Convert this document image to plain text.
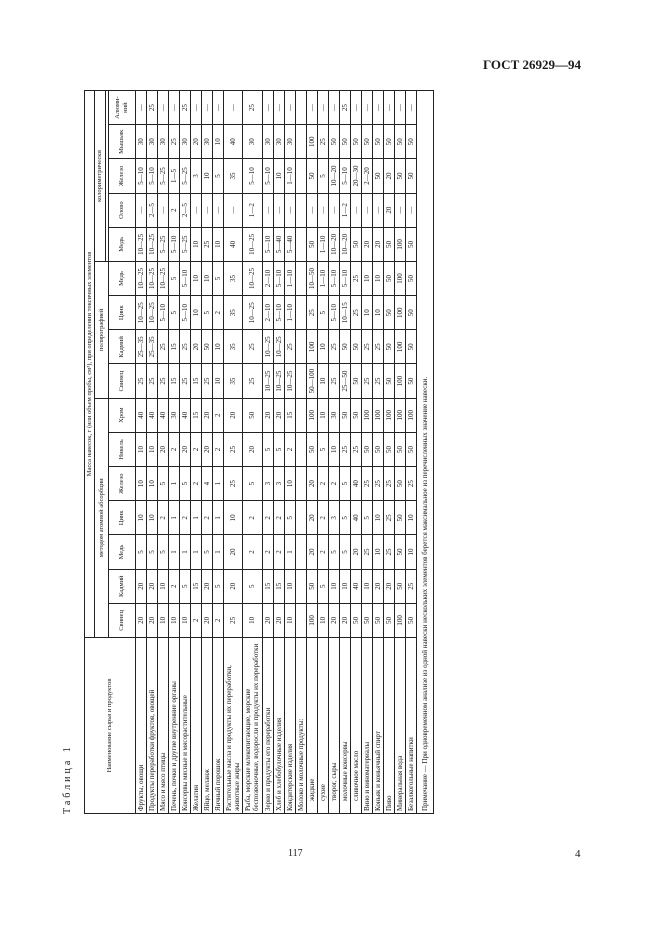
ГОСТ 26929—94
Таблица 1
Наименование сырья и продуктов	Масса навесок, г (или объем пробы, см³), при определении токсичных элементов															
	методом атомной абсорбции							полярографией				колориметрически				

	Свинец	Кадмий	Медь	Цинк	Железо	Никель	Хром	Свинец	Кадмий	Цинк	Медь	Медь	Олово	Железо	Мышьяк	Алюми-ний
Фрукты, овощи	20	20	5	10	10	10	40	25	25—35	10—25	10—25	10—25	—	5—10	30	—
Продукты переработки фруктов, овощей	20	20	5	10	10	10	40	25	25—35	10—25	10—25	10—25	2—5	5—10	30	25
Мясо и мясо птицы	10	10	5	2	5	20	40	25	25	5—10	10—25	5—25	—	5—25	30	—
Печень, почки и другие внутренние органы	10	2	1	1	1	2	30	15	15	5	5	5—10	2	1—5	25	—
Консервы мясные и мясорастительные	10	5	1	2	5	20	40	25	25	5—10	5—10	5—25	2—5	5—25	30	25
Желатин	2	15	1	1	2	2	15	15	20	10	10	10	—	3	20	—
Яйцо, меланж	20	20	5	2	4	20	20	25	50	5	10	25	—	10	30	—
Яичный порошок	2	5	1	1	1	2	2	10	10	2	5	10	—	5	10	—
Растительные масла и продукты их переработки, животные жиры	25	20	20	10	25	25	20	35	35	35	35	40	—	35	40	—
Рыба, морские млекопитающие, морские беспозвоночные, водоросли и продукты их переработки	10	5	2	2	5	20	50	25	25	10—25	10—25	10—25	1—2	5—10	30	25
Зерно и продукты его переработки	20	15	2	2	3	5	20	10—25	10—25	2—10	2—10	5—10	—	5—10	30	—
Хлеб и хлебобулочные изделия	20	15	2	2	3	5	20	10—25	10—25	5—10	5—10	5—40	—	10	30	—
Кондитерские изделия	10	10	1	5	10	2	15	10—25	25	1—10	1—10	5—40	—	1—10	30	—
Молоко и молочные продукты:																
жидкие	100	50	20	20	20	50	100	50—100	100	25	10—50	50	—	50	100	—
сухие	10	5	2	2	2	5	10	10	10	5	1—10	1—10	—	5	25	—
творог, сыры	20	10	5	3	2	10	30	25	25	5—10	5—10	10—20	—	10—20	50	—
молочные консервы	20	10	5	5	5	25	50	25—50	50	10—15	5—10	10—20	1—2	5—10	50	25
сливочное масло	50	40	20	40	40	25	50	50	50	25	25	50	—	20—30	50	—
Вино и виноматериалы	50	10	25	5	25	50	100	25	25	10	10	20	—	2—20	50	—
Коньяк и коньячный спирт	50	20	10	10	25	50	100	25	25	10	10	20	—	50	50	—
Пиво	50	20	25	25	25	50	100	50	50	50	50	50	20	20	50	—
Минеральная вода	100	50	50	50	50	50	100	100	100	100	100	100	—	50	50	—
Безалкогольные напитки	50	25	10	10	25	50	100	50	50	50	50	50	—	50	50	—
Примечание — При одновременном анализе из одной навески нескольких элементов берется максимальное из перечисленных значение навески.																
117	4
